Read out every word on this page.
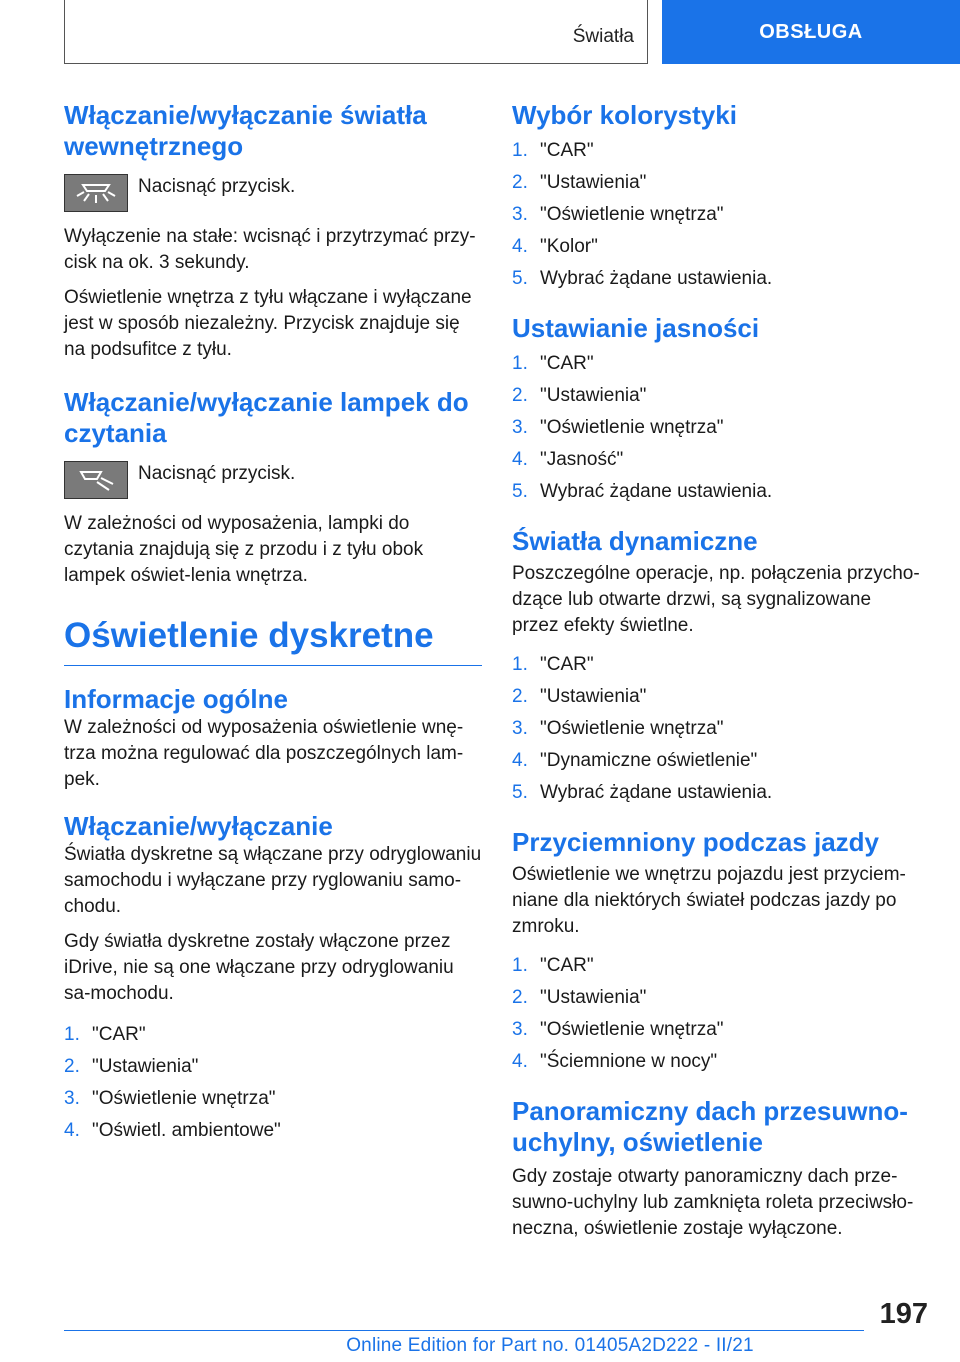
Światła	OBSŁUGA
Włączanie/wyłączanie światła wewnętrznego
Nacisnąć przycisk.

Wyłączenie na stałe: wcisnąć i przytrzymać przy‐cisk na ok. 3 sekundy.

Oświetlenie wnętrza z tyłu włączane i wyłączane jest w sposób niezależny. Przycisk znajduje się na podsufitce z tyłu.

Włączanie/wyłączanie lampek do czytania
Nacisnąć przycisk.

W zależności od wyposażenia, lampki do czytania znajdują się z przodu i z tyłu obok lampek oświet‐lenia wnętrza.

Oświetlenie dyskretne
Informacje ogólne

W zależności od wyposażenia oświetlenie wnę‐trza można regulować dla poszczególnych lam‐pek.

Włączanie/wyłączanie

Światła dyskretne są włączane przy odryglowaniu samochodu i wyłączane przy ryglowaniu samo‐chodu.

Gdy światła dyskretne zostały włączone przez iDrive, nie są one włączane przy odryglowaniu sa‐mochodu.

1. "CAR"
2. "Ustawienia"
3. "Oświetlenie wnętrza"
4. "Oświetl. ambientowe"
Wybór kolorystyki
1. "CAR"
2. "Ustawienia"
3. "Oświetlenie wnętrza"
4. "Kolor"
5. Wybrać żądane ustawienia.
Ustawianie jasności
1. "CAR"
2. "Ustawienia"
3. "Oświetlenie wnętrza"
4. "Jasność"
5. Wybrać żądane ustawienia.
Światła dynamiczne

Poszczególne operacje, np. połączenia przycho‐dzące lub otwarte drzwi, są sygnalizowane przez efekty świetlne.

1. "CAR"
2. "Ustawienia"
3. "Oświetlenie wnętrza"
4. "Dynamiczne oświetlenie"
5. Wybrać żądane ustawienia.
Przyciemniony podczas jazdy

Oświetlenie we wnętrzu pojazdu jest przyciem‐niane dla niektórych świateł podczas jazdy po zmroku.

1. "CAR"
2. "Ustawienia"
3. "Oświetlenie wnętrza"
4. "Ściemnione w nocy"
Panoramiczny dach przesuwno-uchylny, oświetlenie

Gdy zostaje otwarty panoramiczny dach prze‐suwno-uchylny lub zamknięta roleta przeciwsło‐neczna, oświetlenie zostaje wyłączone.

197
Online Edition for Part no. 01405A2D222 - II/21
